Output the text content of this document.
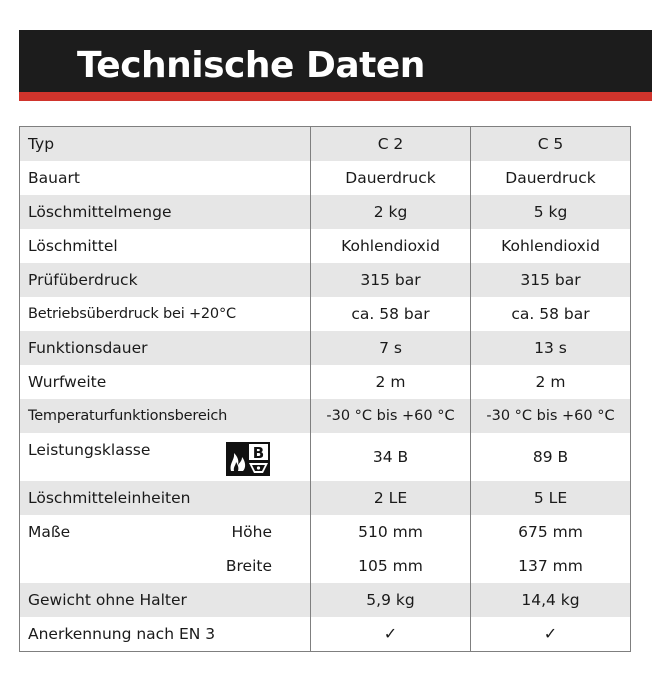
Technische Daten
Typ	C 2	C 5
Bauart	Dauerdruck	Dauerdruck
Löschmittelmenge	2 kg	5 kg
Löschmittel	Kohlendioxid	Kohlendioxid
Prüfüberdruck	315 bar	315 bar
Betriebsüberdruck bei +20°C	ca. 58 bar	ca. 58 bar
Funktionsdauer	7 s	13 s
Wurfweite	2 m	2 m
Temperaturfunktionsbereich	-30 °C bis +60 °C	-30 °C bis +60 °C

Leistungsklasse B	34 B	89 B
Löschmitteleinheiten	2 LE	5 LE
Maße Höhe	510 mm	675 mm

Breite	105 mm	137 mm
Gewicht ohne Halter	5,9 kg	14,4 kg
Anerkennung nach EN 3	✓	✓
